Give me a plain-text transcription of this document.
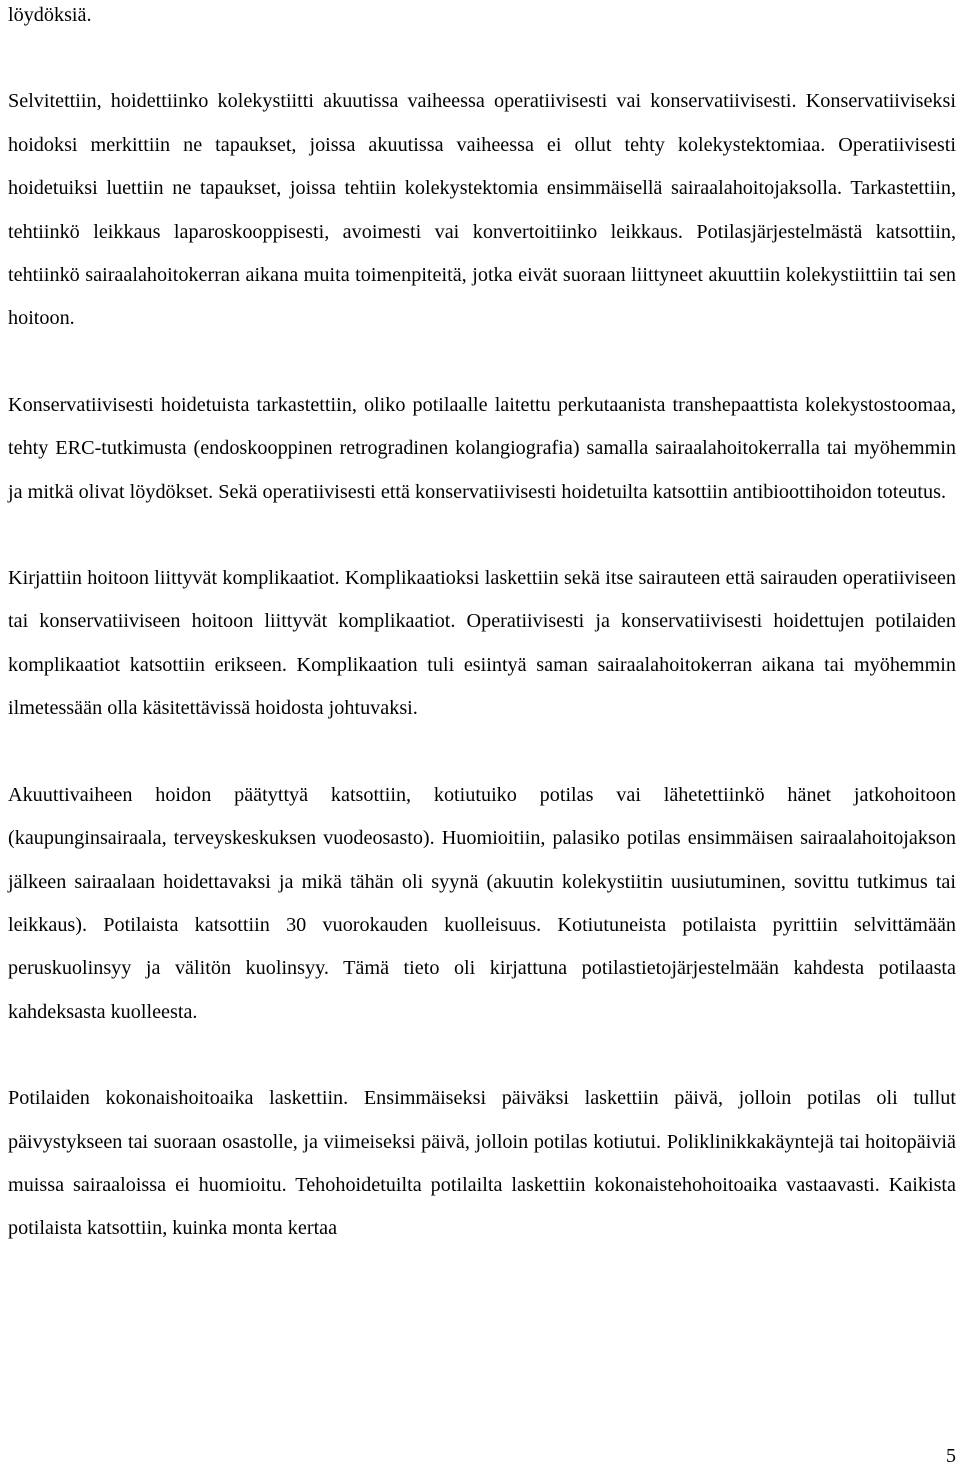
löydöksiä.

Selvitettiin, hoidettiinko kolekystiitti akuutissa vaiheessa operatiivisesti vai konservatiivisesti. Konservatiiviseksi hoidoksi merkittiin ne tapaukset, joissa akuutissa vaiheessa ei ollut tehty kolekystektomiaa. Operatiivisesti hoidetuiksi luettiin ne tapaukset, joissa tehtiin kolekystektomia ensimmäisellä sairaalahoitojaksolla. Tarkastettiin, tehtiinkö leikkaus laparoskooppisesti, avoimesti vai konvertoitiinko leikkaus. Potilasjärjestelmästä katsottiin, tehtiinkö sairaalahoitokerran aikana muita toimenpiteitä, jotka eivät suoraan liittyneet akuuttiin kolekystiittiin tai sen hoitoon.

Konservatiivisesti hoidetuista tarkastettiin, oliko potilaalle laitettu perkutaanista transhepaattista kolekystostoomaa, tehty ERC-tutkimusta (endoskooppinen retrogradinen kolangiografia) samalla sairaalahoitokerralla tai myöhemmin ja mitkä olivat löydökset. Sekä operatiivisesti että konservatiivisesti hoidetuilta katsottiin antibioottihoidon toteutus.

Kirjattiin hoitoon liittyvät komplikaatiot. Komplikaatioksi laskettiin sekä itse sairauteen että sairauden operatiiviseen tai konservatiiviseen hoitoon liittyvät komplikaatiot. Operatiivisesti ja konservatiivisesti hoidettujen potilaiden komplikaatiot katsottiin erikseen. Komplikaation tuli esiintyä saman sairaalahoitokerran aikana tai myöhemmin ilmetessään olla käsitettävissä hoidosta johtuvaksi.

Akuuttivaiheen hoidon päätyttyä katsottiin, kotiutuiko potilas vai lähetettiinkö hänet jatkohoitoon (kaupunginsairaala, terveyskeskuksen vuodeosasto). Huomioitiin, palasiko potilas ensimmäisen sairaalahoitojakson jälkeen sairaalaan hoidettavaksi ja mikä tähän oli syynä (akuutin kolekystiitin uusiutuminen, sovittu tutkimus tai leikkaus). Potilaista katsottiin 30 vuorokauden kuolleisuus. Kotiutuneista potilaista pyrittiin selvittämään peruskuolinsyy ja välitön kuolinsyy. Tämä tieto oli kirjattuna potilastietojärjestelmään kahdesta potilaasta kahdeksasta kuolleesta.

Potilaiden kokonaishoitoaika laskettiin. Ensimmäiseksi päiväksi laskettiin päivä, jolloin potilas oli tullut päivystykseen tai suoraan osastolle, ja viimeiseksi päivä, jolloin potilas kotiutui. Poliklinikkakäyntejä tai hoitopäiviä muissa sairaaloissa ei huomioitu. Tehohoidetuilta potilailta laskettiin kokonaistehohoitoaika vastaavasti. Kaikista potilaista katsottiin, kuinka monta kertaa

5
